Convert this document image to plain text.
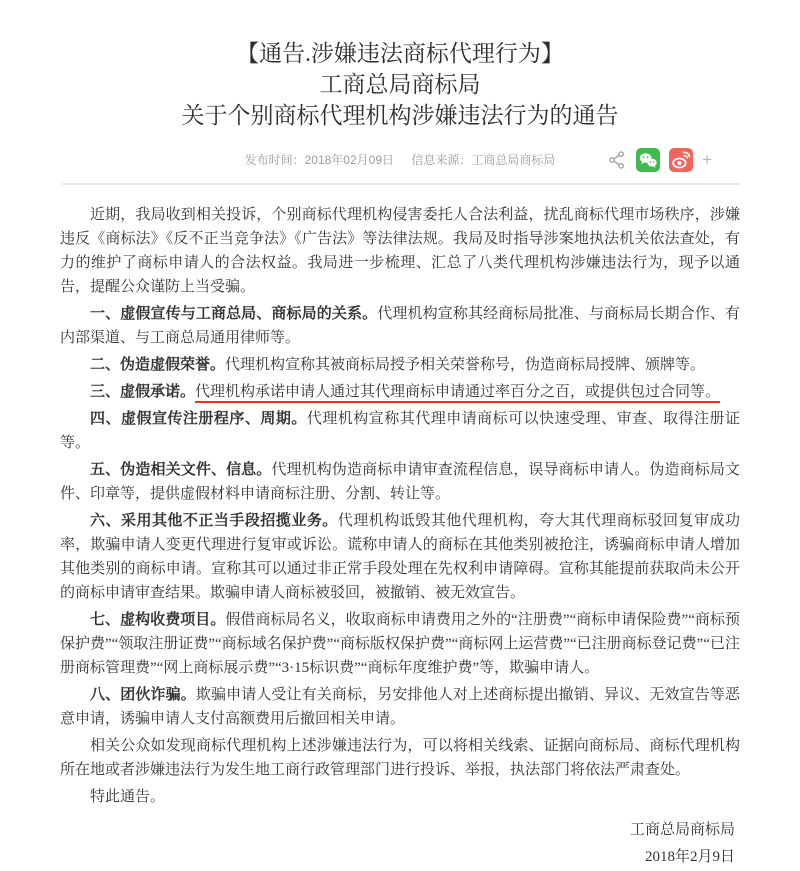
【通告.涉嫌违法商标代理行为】
工商总局商标局
关于个别商标代理机构涉嫌违法行为的通告
发布时间：2018年02月09日 信息来源：工商总局商标局	+

近期，我局收到相关投诉，个别商标代理机构侵害委托人合法利益，扰乱商标代理市场秩序，涉嫌违反《商标法》《反不正当竞争法》《广告法》等法律法规。我局及时指导涉案地执法机关依法查处，有力的维护了商标申请人的合法权益。我局进一步梳理、汇总了八类代理机构涉嫌违法行为，现予以通告，提醒公众谨防上当受骗。

一、虚假宣传与工商总局、商标局的关系。代理机构宣称其经商标局批准、与商标局长期合作、有内部渠道、与工商总局通用律师等。

二、伪造虚假荣誉。代理机构宣称其被商标局授予相关荣誉称号，伪造商标局授牌、颁牌等。

三、虚假承诺。代理机构承诺申请人通过其代理商标申请通过率百分之百，或提供包过合同等。

四、虚假宣传注册程序、周期。代理机构宣称其代理申请商标可以快速受理、审查、取得注册证等。

五、伪造相关文件、信息。代理机构伪造商标申请审查流程信息，误导商标申请人。伪造商标局文件、印章等，提供虚假材料申请商标注册、分割、转让等。

六、采用其他不正当手段招揽业务。代理机构诋毁其他代理机构，夸大其代理商标驳回复审成功率，欺骗申请人变更代理进行复审或诉讼。谎称申请人的商标在其他类别被抢注，诱骗商标申请人增加其他类别的商标申请。宣称其可以通过非正常手段处理在先权利申请障碍。宣称其能提前获取尚未公开的商标申请审查结果。欺骗申请人商标被驳回，被撤销、被无效宣告。

七、虚构收费项目。假借商标局名义，收取商标申请费用之外的“注册费”“商标申请保险费”“商标预保护费”“领取注册证费”“商标域名保护费”“商标版权保护费”“商标网上运营费”“已注册商标登记费”“已注册商标管理费”“网上商标展示费”“3·15标识费”“商标年度维护费”等，欺骗申请人。

八、团伙诈骗。欺骗申请人受让有关商标，另安排他人对上述商标提出撤销、异议、无效宣告等恶意申请，诱骗申请人支付高额费用后撤回相关申请。

相关公众如发现商标代理机构上述涉嫌违法行为，可以将相关线索、证据向商标局、商标代理机构所在地或者涉嫌违法行为发生地工商行政管理部门进行投诉、举报，执法部门将依法严肃查处。

特此通告。

工商总局商标局
2018年2月9日
